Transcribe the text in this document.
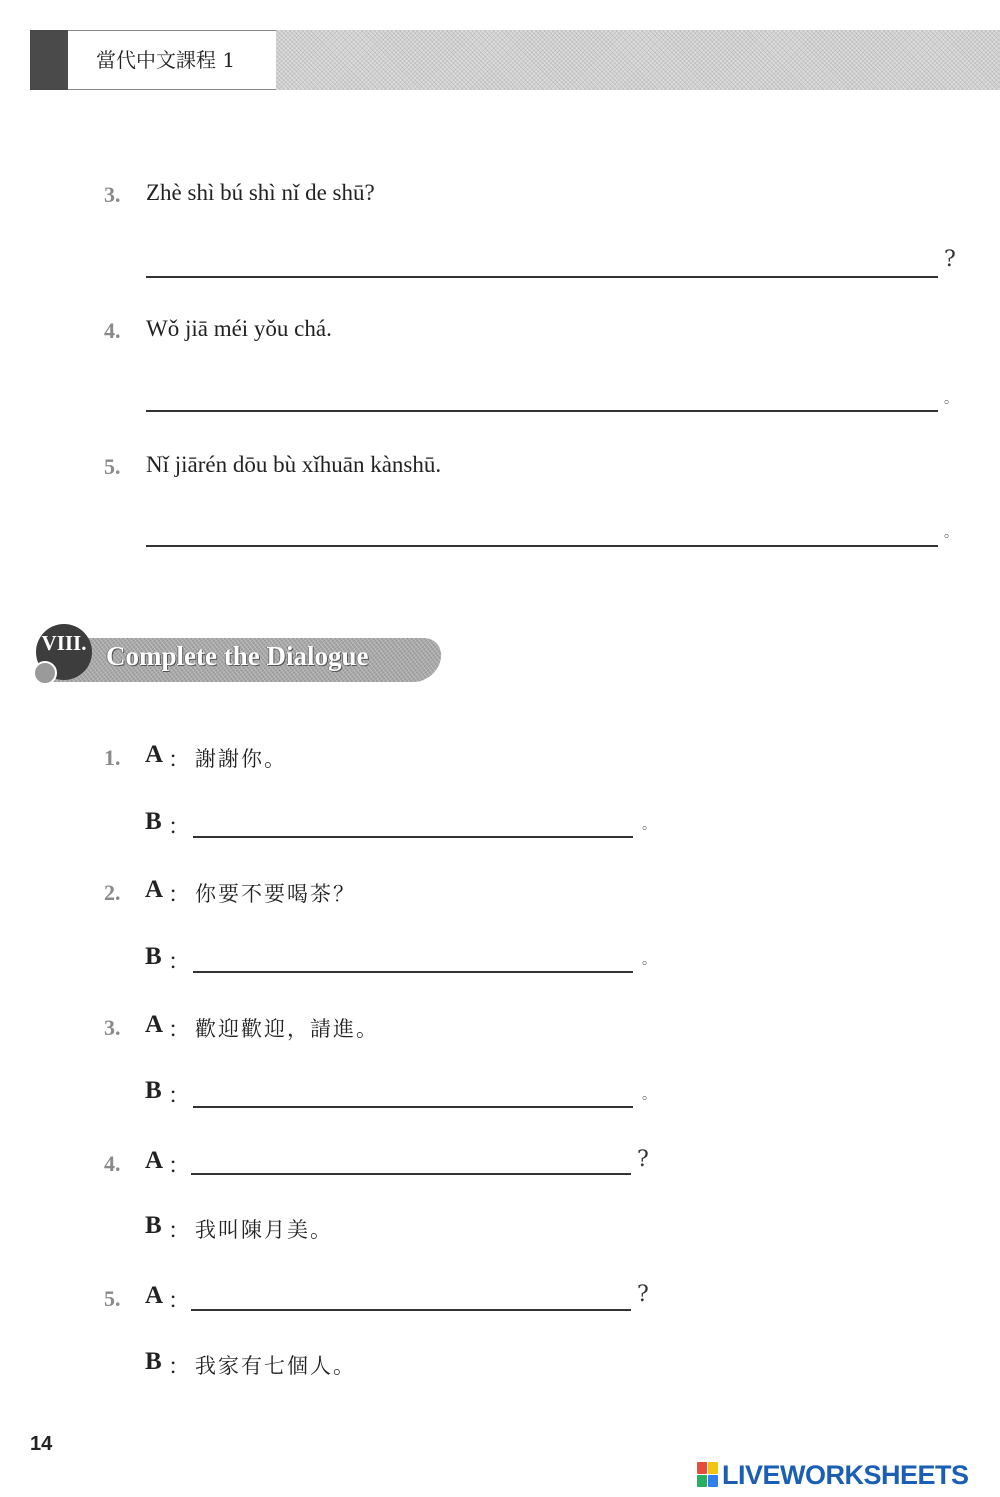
當代中文課程 1
3. Zhè shì bú shì nǐ de shū?
?
4. Wǒ jiā méi yǒu chá.
。
5. Nǐ jiārén dōu bù xǐhuān kànshū.
。
VIII. Complete the Dialogue
1. A ： 謝謝你。
B ：	。
2. A ： 你要不要喝茶？
B ：	。
3. A ： 歡迎歡迎，請進。
B ：	。
4. A ：	?
B ： 我叫陳月美。
5. A ：	?
B ： 我家有七個人。
14
LIVEWORKSHEETS
